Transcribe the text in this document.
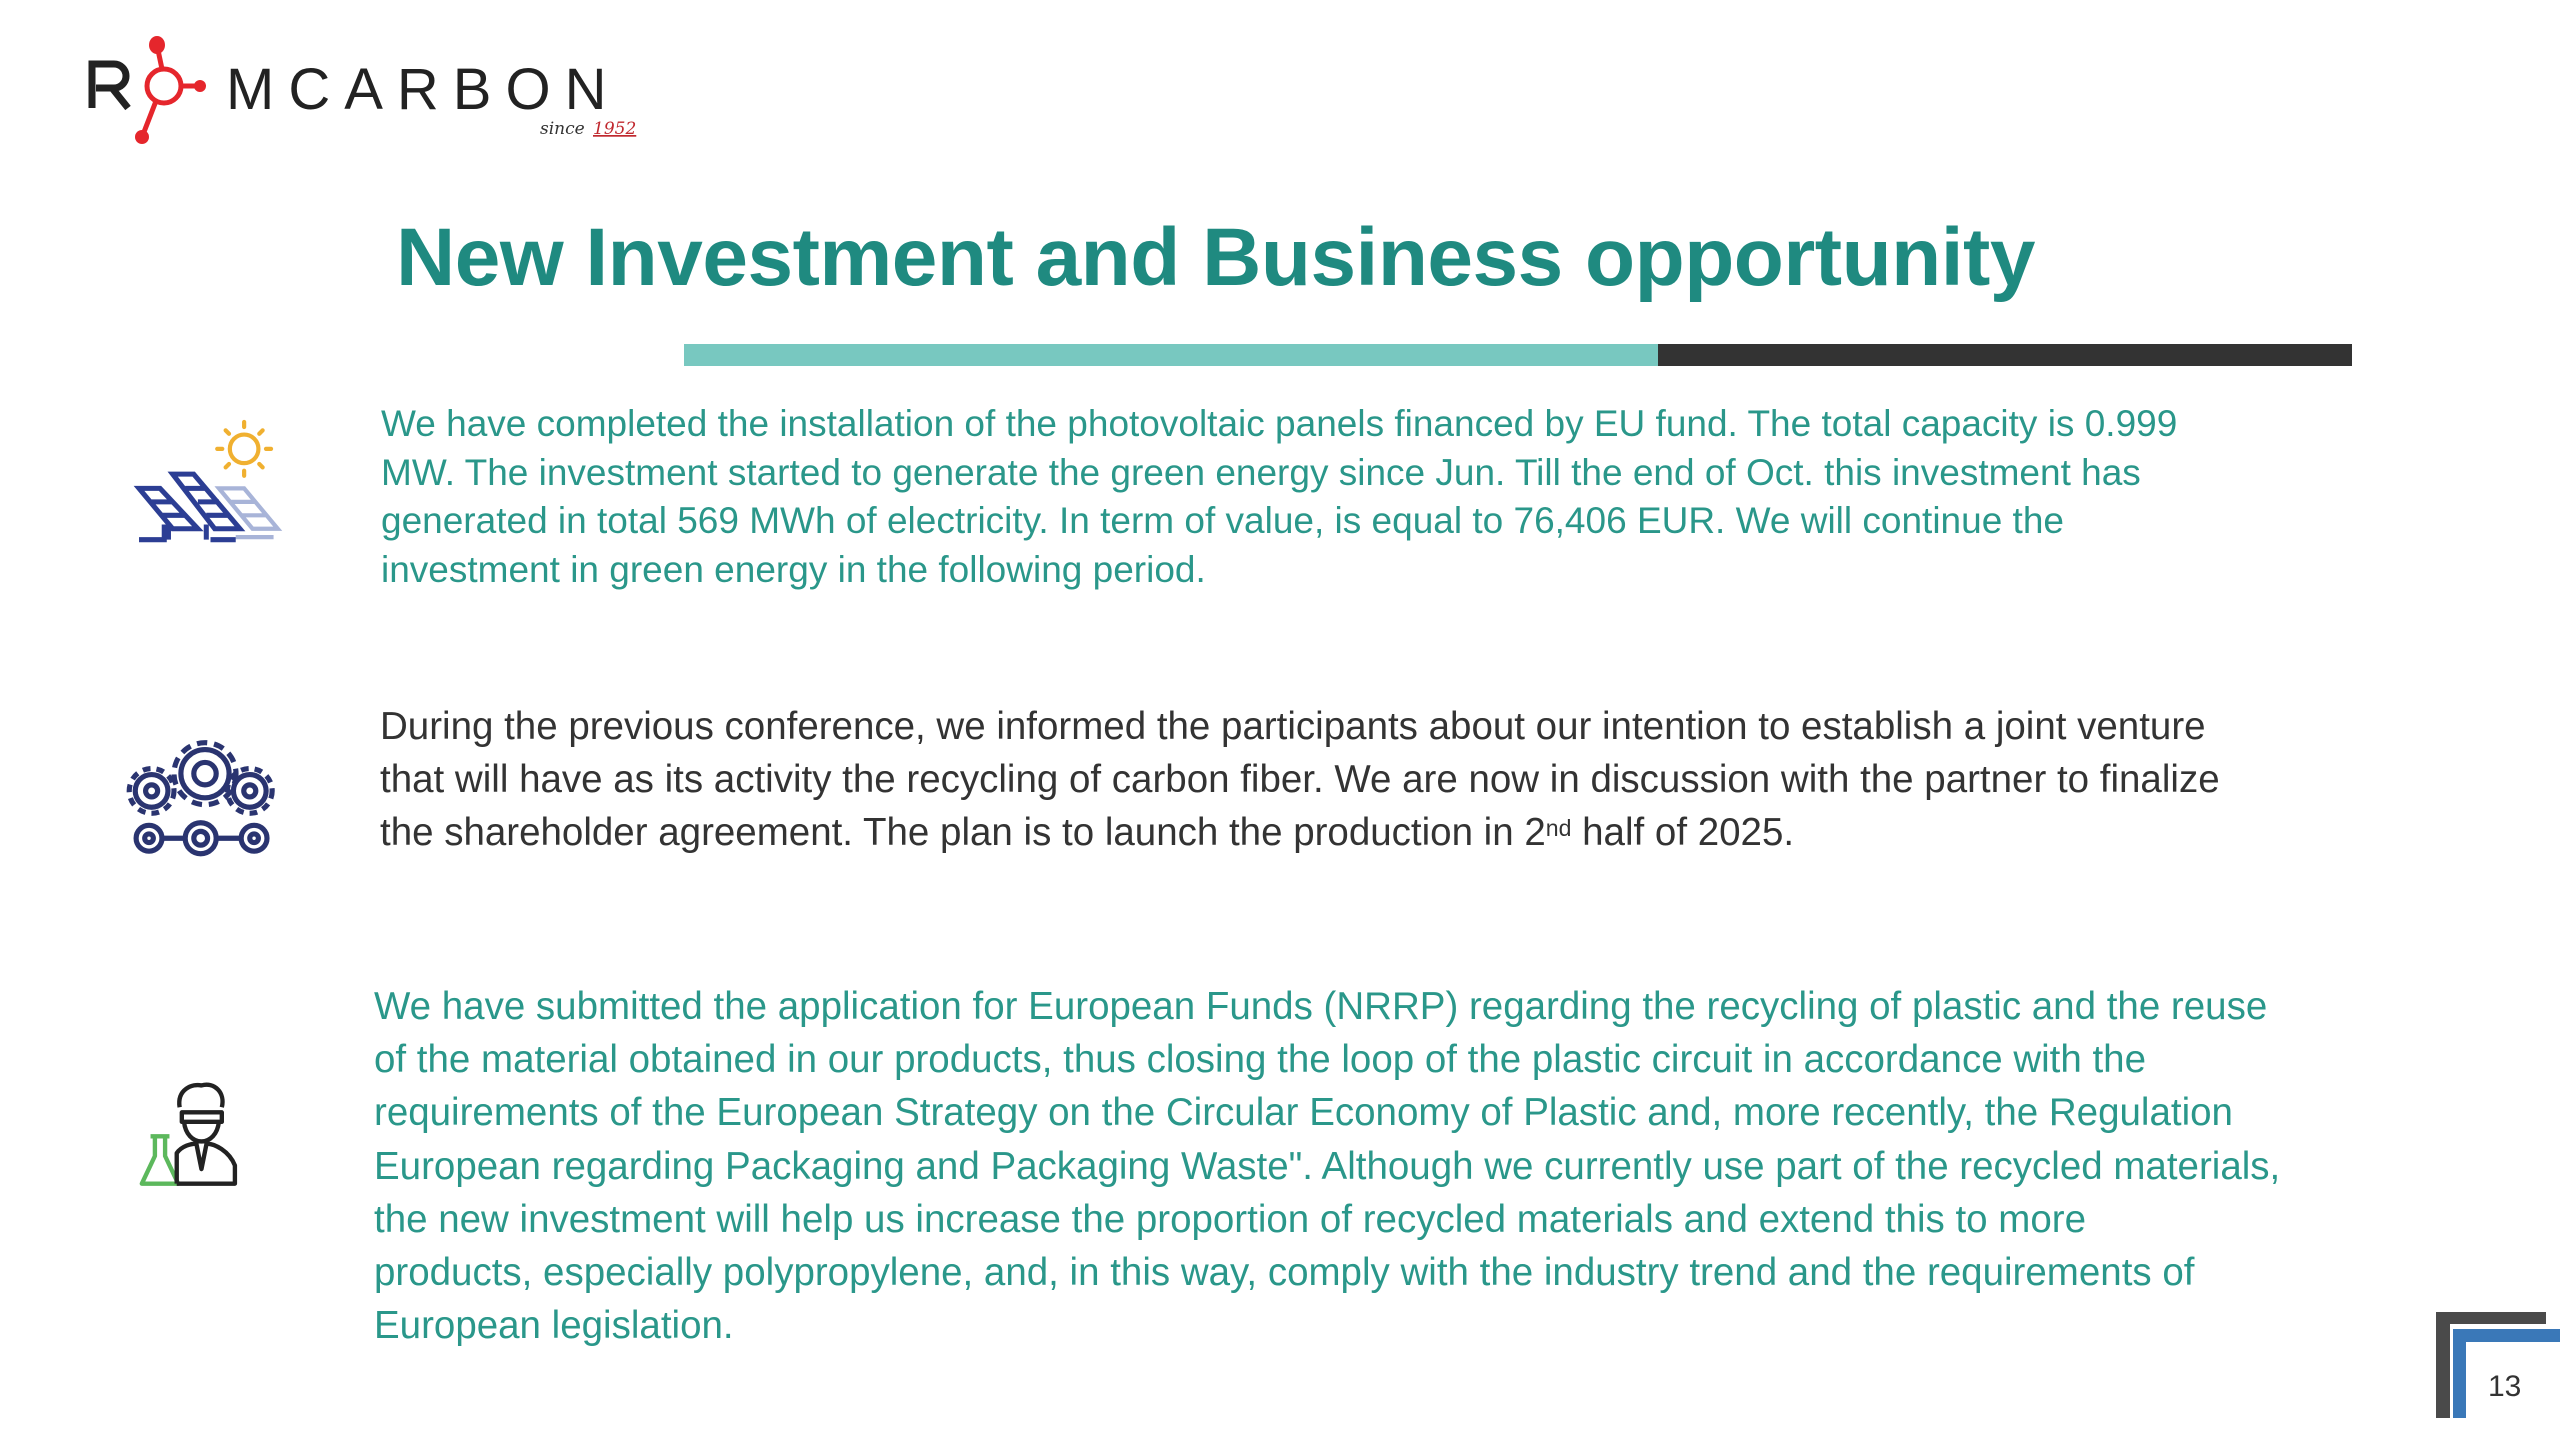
MCARBON
since 1952
New Investment and Business opportunity
We have completed the installation of the photovoltaic panels financed by EU fund. The total capacity is 0.999
MW. The investment started to generate the green energy since Jun. Till the end of Oct. this investment has
generated in total 569 MWh of electricity. In term of value, is equal to 76,406 EUR. We will continue the
investment in green energy in the following period.
During the previous conference, we informed the participants about our intention to establish a joint venture
that will have as its activity the recycling of carbon fiber. We are now in discussion with the partner to finalize
the shareholder agreement. The plan is to launch the production in 2nd half of 2025.
We have submitted the application for European Funds (NRRP) regarding the recycling of plastic and the reuse
of the material obtained in our products, thus closing the loop of the plastic circuit in accordance with the
requirements of the European Strategy on the Circular Economy of Plastic and, more recently, the Regulation
European regarding Packaging and Packaging Waste". Although we currently use part of the recycled materials,
the new investment will help us increase the proportion of recycled materials and extend this to more
products, especially polypropylene, and, in this way, comply with the industry trend and the requirements of
European legislation.
13
